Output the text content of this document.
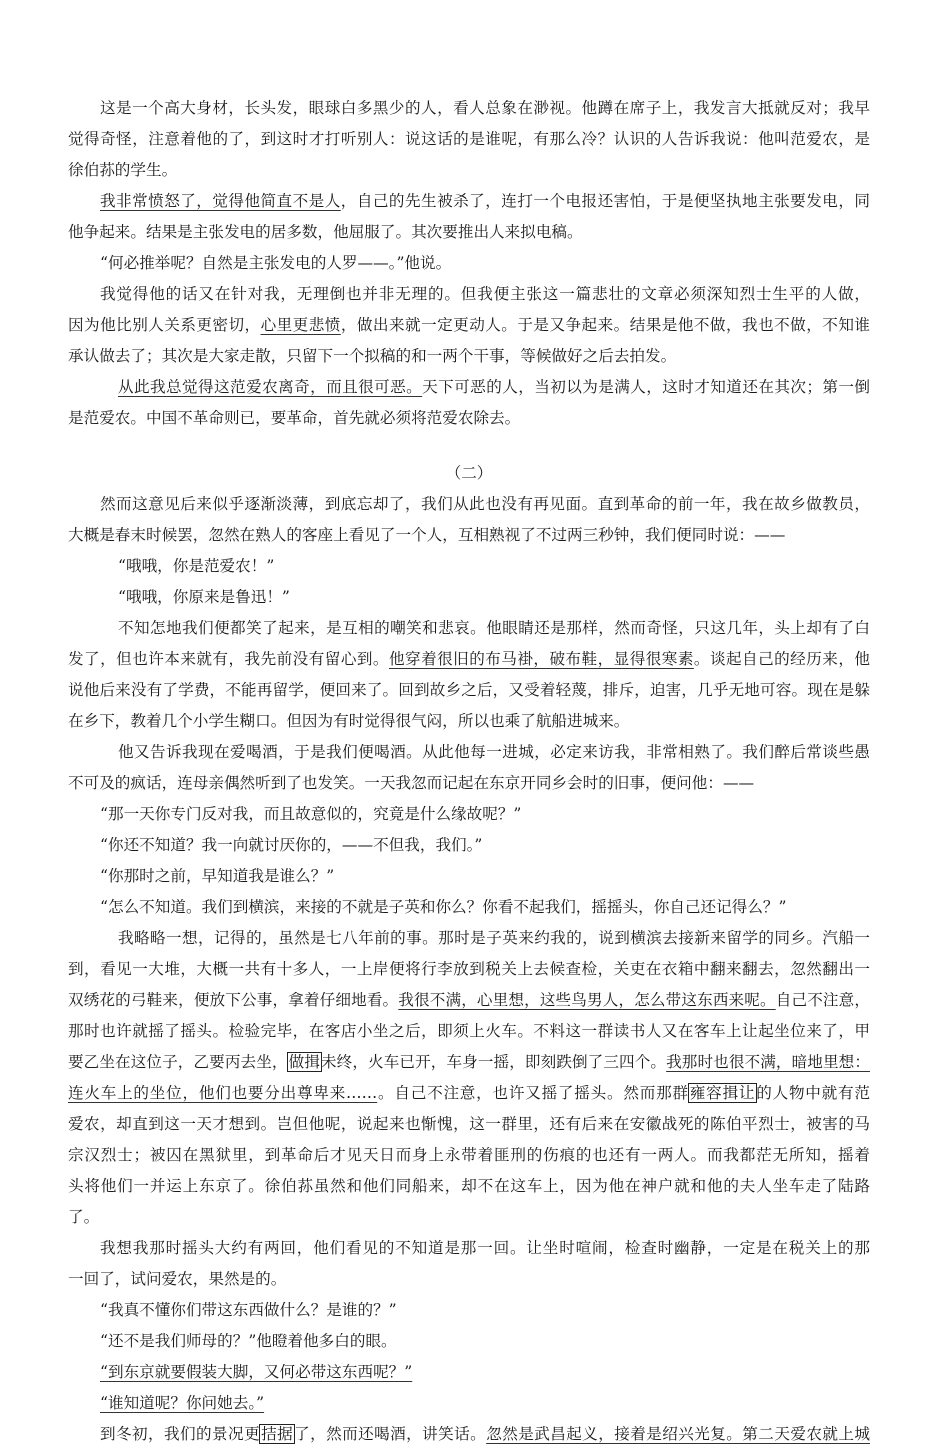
这是一个高大身材，长头发，眼球白多黑少的人，看人总象在渺视。他蹲在席子上，我发言大抵就反对；我早
觉得奇怪，注意着他的了，到这时才打听别人：说这话的是谁呢，有那么冷？认识的人告诉我说：他叫范爱农，是
徐伯荪的学生。
我非常愤怒了，觉得他简直不是人，自己的先生被杀了，连打一个电报还害怕，于是便坚执地主张要发电，同
他争起来。结果是主张发电的居多数，他屈服了。其次要推出人来拟电稿。
“何必推举呢？自然是主张发电的人罗——。”他说。
我觉得他的话又在针对我，无理倒也并非无理的。但我便主张这一篇悲壮的文章必须深知烈士生平的人做，
因为他比别人关系更密切，心里更悲愤，做出来就一定更动人。于是又争起来。结果是他不做，我也不做，不知谁
承认做去了；其次是大家走散，只留下一个拟稿的和一两个干事，等候做好之后去拍发。
从此我总觉得这范爱农离奇，而且很可恶。天下可恶的人，当初以为是满人，这时才知道还在其次；第一倒
是范爱农。中国不革命则已，要革命，首先就必须将范爱农除去。
（二）
然而这意见后来似乎逐渐淡薄，到底忘却了，我们从此也没有再见面。直到革命的前一年，我在故乡做教员，
大概是春末时候罢，忽然在熟人的客座上看见了一个人，互相熟视了不过两三秒钟，我们便同时说：——
“哦哦，你是范爱农！”
“哦哦，你原来是鲁迅！”
不知怎地我们便都笑了起来，是互相的嘲笑和悲哀。他眼睛还是那样，然而奇怪，只这几年，头上却有了白
发了，但也许本来就有，我先前没有留心到。他穿着很旧的布马褂，破布鞋，显得很寒素。谈起自己的经历来，他
说他后来没有了学费，不能再留学，便回来了。回到故乡之后，又受着轻蔑，排斥，迫害，几乎无地可容。现在是躲
在乡下，教着几个小学生糊口。但因为有时觉得很气闷，所以也乘了航船进城来。
他又告诉我现在爱喝酒，于是我们便喝酒。从此他每一进城，必定来访我，非常相熟了。我们醉后常谈些愚
不可及的疯话，连母亲偶然听到了也发笑。一天我忽而记起在东京开同乡会时的旧事，便问他：——
“那一天你专门反对我，而且故意似的，究竟是什么缘故呢？”
“你还不知道？我一向就讨厌你的，——不但我，我们。”
“你那时之前，早知道我是谁么？”
“怎么不知道。我们到横滨，来接的不就是子英和你么？你看不起我们，摇摇头，你自己还记得么？”
我略略一想，记得的，虽然是七八年前的事。那时是子英来约我的，说到横滨去接新来留学的同乡。汽船一
到，看见一大堆，大概一共有十多人，一上岸便将行李放到税关上去候查检，关吏在衣箱中翻来翻去，忽然翻出一
双绣花的弓鞋来，便放下公事，拿着仔细地看。我很不满，心里想，这些鸟男人，怎么带这东西来呢。自己不注意，
那时也许就摇了摇头。检验完毕，在客店小坐之后，即须上火车。不料这一群读书人又在客车上让起坐位来了，甲
要乙坐在这位子，乙要丙去坐，做揖未终，火车已开，车身一摇，即刻跌倒了三四个。我那时也很不满，暗地里想：
连火车上的坐位，他们也要分出尊卑来……。自己不注意，也许又摇了摇头。然而那群雍容揖让的人物中就有范
爱农，却直到这一天才想到。岂但他呢，说起来也惭愧，这一群里，还有后来在安徽战死的陈伯平烈士，被害的马
宗汉烈士；被囚在黑狱里，到革命后才见天日而身上永带着匪刑的伤痕的也还有一两人。而我都茫无所知，摇着
头将他们一并运上东京了。徐伯荪虽然和他们同船来，却不在这车上，因为他在神户就和他的夫人坐车走了陆路
了。
我想我那时摇头大约有两回，他们看见的不知道是那一回。让坐时喧闹，检查时幽静，一定是在税关上的那
一回了，试问爱农，果然是的。
“我真不懂你们带这东西做什么？是谁的？”
“还不是我们师母的？”他瞪着他多白的眼。
“到东京就要假装大脚，又何必带这东西呢？”
“谁知道呢？你问她去。”
到冬初，我们的景况更拮据了，然而还喝酒，讲笑话。忽然是武昌起义，接着是绍兴光复。第二天爱农就上城
